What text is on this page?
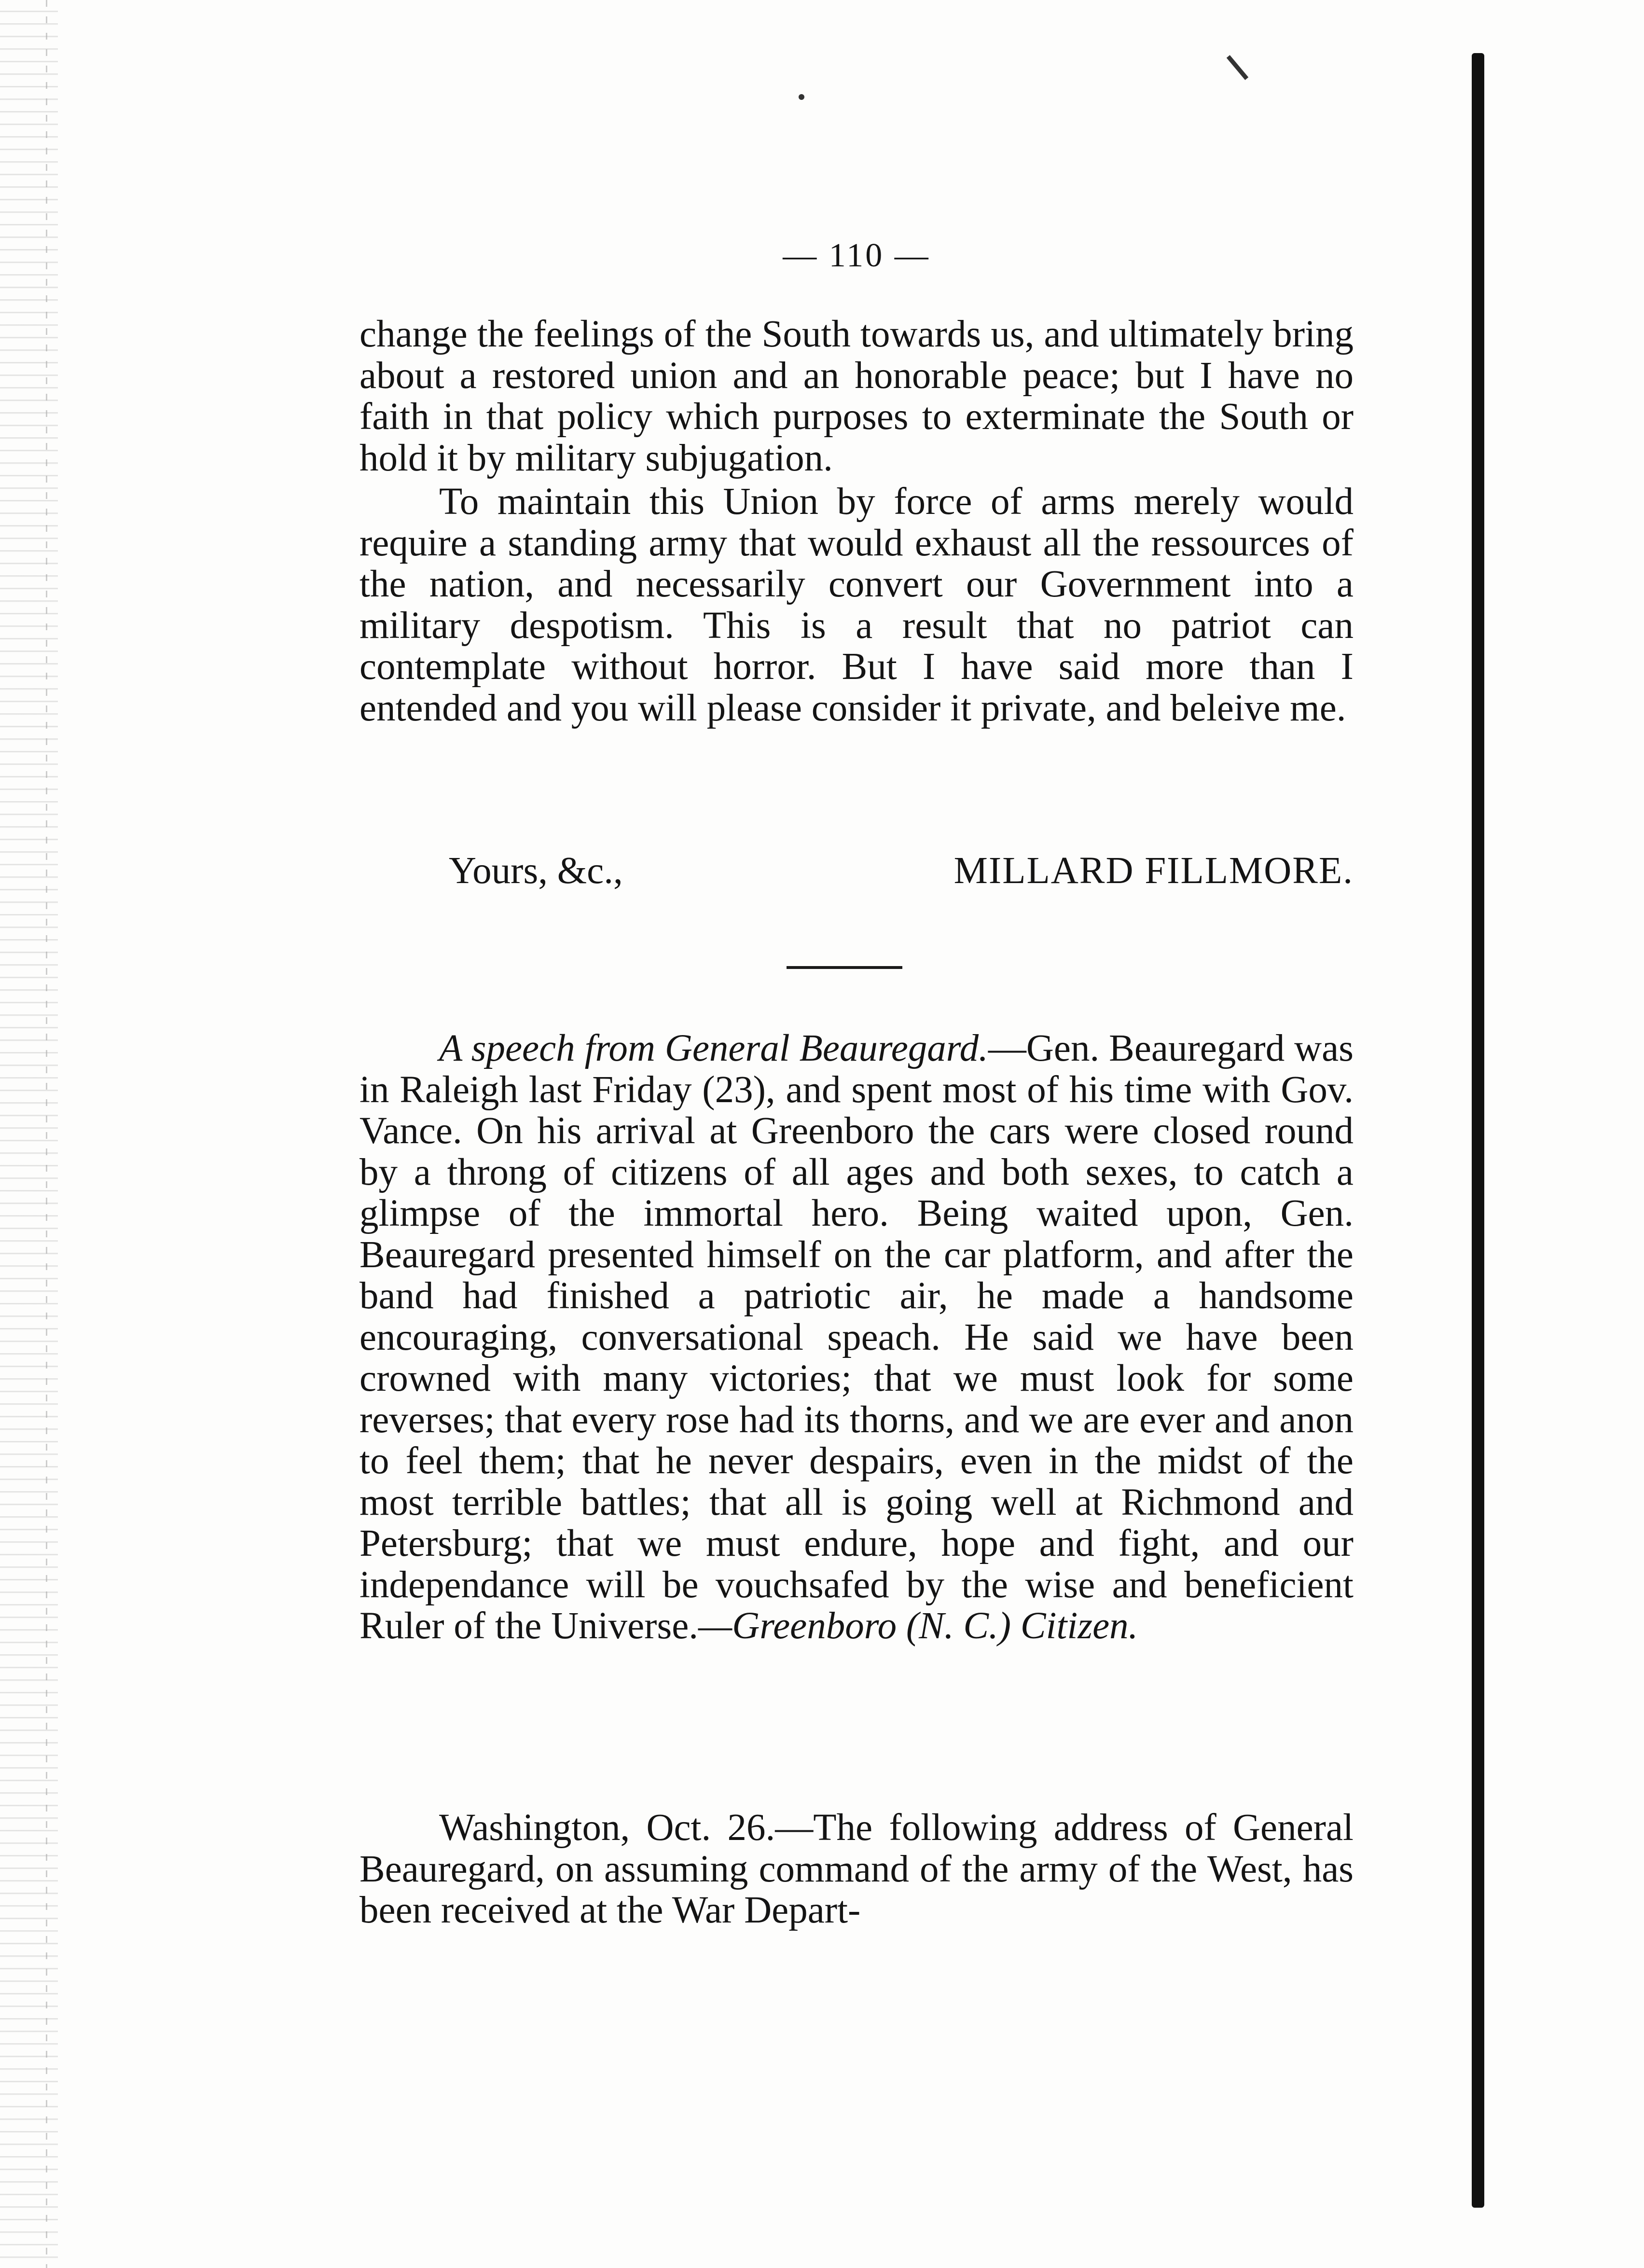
— 110 —

change the feelings of the South towards us, and ultimately bring about a restored union and an honorable peace; but I have no faith in that policy which purposes to exterminate the South or hold it by military subjugation.

To maintain this Union by force of arms merely would require a standing army that would exhaust all the ressources of the nation, and necessarily convert our Government into a military despotism. This is a result that no patriot can contemplate without horror. But I have said more than I entended and you will please consider it private, and beleive me.

Yours, &c.,	MILLARD FILLMORE.

A speech from General Beauregard.—Gen. Beauregard was in Raleigh last Friday (23), and spent most of his time with Gov. Vance. On his arrival at Greenboro the cars were closed round by a throng of citizens of all ages and both sexes, to catch a glimpse of the immortal hero. Being waited upon, Gen. Beauregard presented himself on the car platform, and after the band had finished a patriotic air, he made a handsome encouraging, conversational speach. He said we have been crowned with many victories; that we must look for some reverses; that every rose had its thorns, and we are ever and anon to feel them; that he never despairs, even in the midst of the most terrible battles; that all is going well at Richmond and Petersburg; that we must endure, hope and fight, and our independance will be vouchsafed by the wise and beneficient Ruler of the Universe.—Greenboro (N. C.) Citizen.

Washington, Oct. 26.—The following address of General Beauregard, on assuming command of the army of the West, has been received at the War Depart-
